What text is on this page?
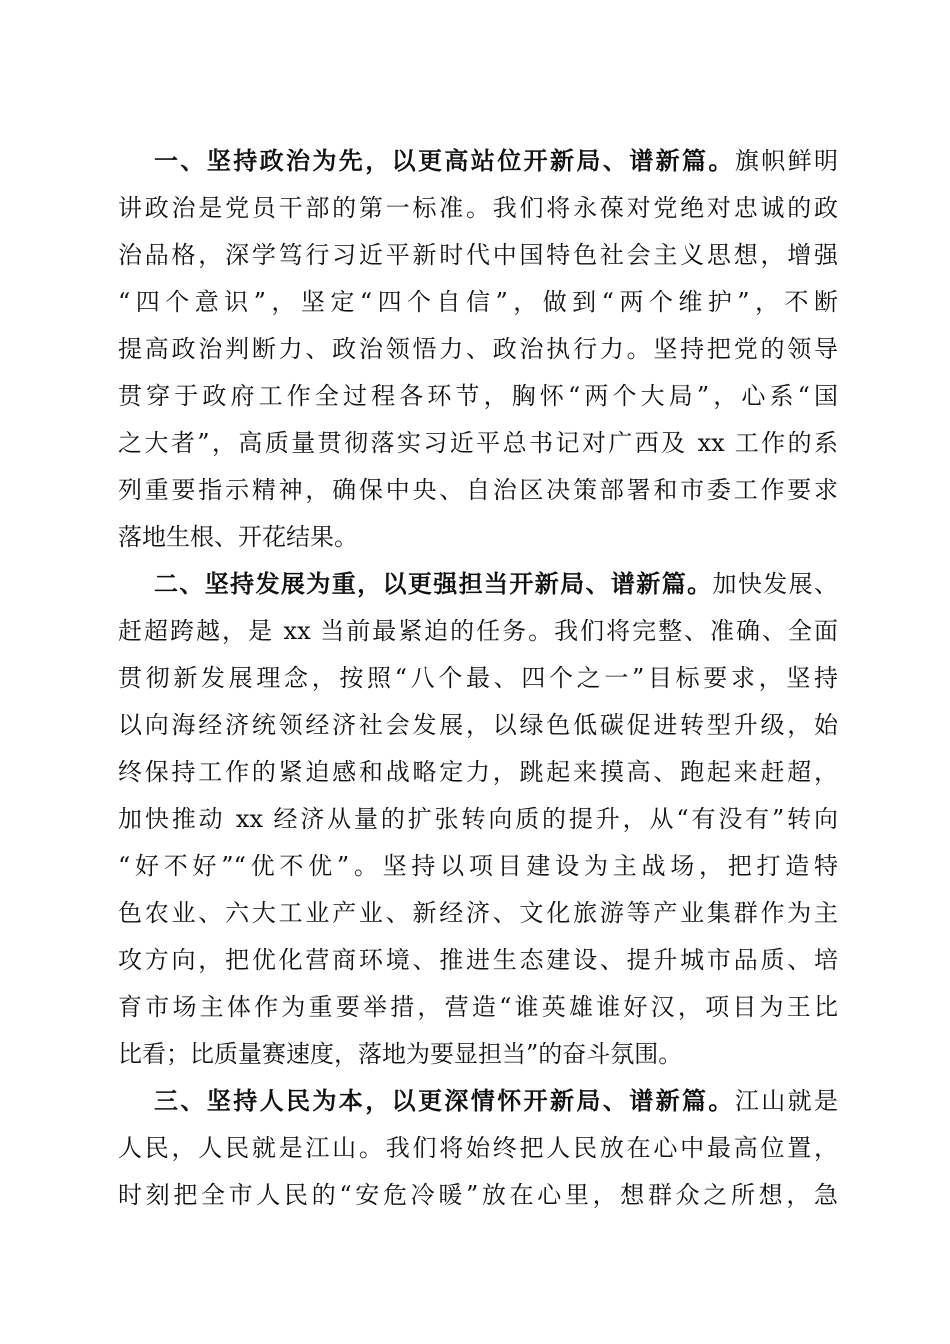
一、坚持政治为先，以更高站位开新局、谱新篇。旗帜鲜明
讲政治是党员干部的第一标准。我们将永葆对党绝对忠诚的政
治品格，深学笃行习近平新时代中国特色社会主义思想，增强
“四个意识”，坚定“四个自信”，做到“两个维护”，不断
提高政治判断力、政治领悟力、政治执行力。坚持把党的领导
贯穿于政府工作全过程各环节，胸怀“两个大局”，心系“国
之大者”，高质量贯彻落实习近平总书记对广西及 xx 工作的系
列重要指示精神，确保中央、自治区决策部署和市委工作要求
落地生根、开花结果。
二、坚持发展为重，以更强担当开新局、谱新篇。加快发展、
赶超跨越，是 xx 当前最紧迫的任务。我们将完整、准确、全面
贯彻新发展理念，按照“八个最、四个之一”目标要求，坚持
以向海经济统领经济社会发展，以绿色低碳促进转型升级，始
终保持工作的紧迫感和战略定力，跳起来摸高、跑起来赶超，
加快推动 xx 经济从量的扩张转向质的提升，从“有没有”转向
“好不好”“优不优”。坚持以项目建设为主战场，把打造特
色农业、六大工业产业、新经济、文化旅游等产业集群作为主
攻方向，把优化营商环境、推进生态建设、提升城市品质、培
育市场主体作为重要举措，营造“谁英雄谁好汉，项目为王比
比看；比质量赛速度，落地为要显担当”的奋斗氛围。
三、坚持人民为本，以更深情怀开新局、谱新篇。江山就是
人民，人民就是江山。我们将始终把人民放在心中最高位置，
时刻把全市人民的“安危冷暖”放在心里，想群众之所想，急
